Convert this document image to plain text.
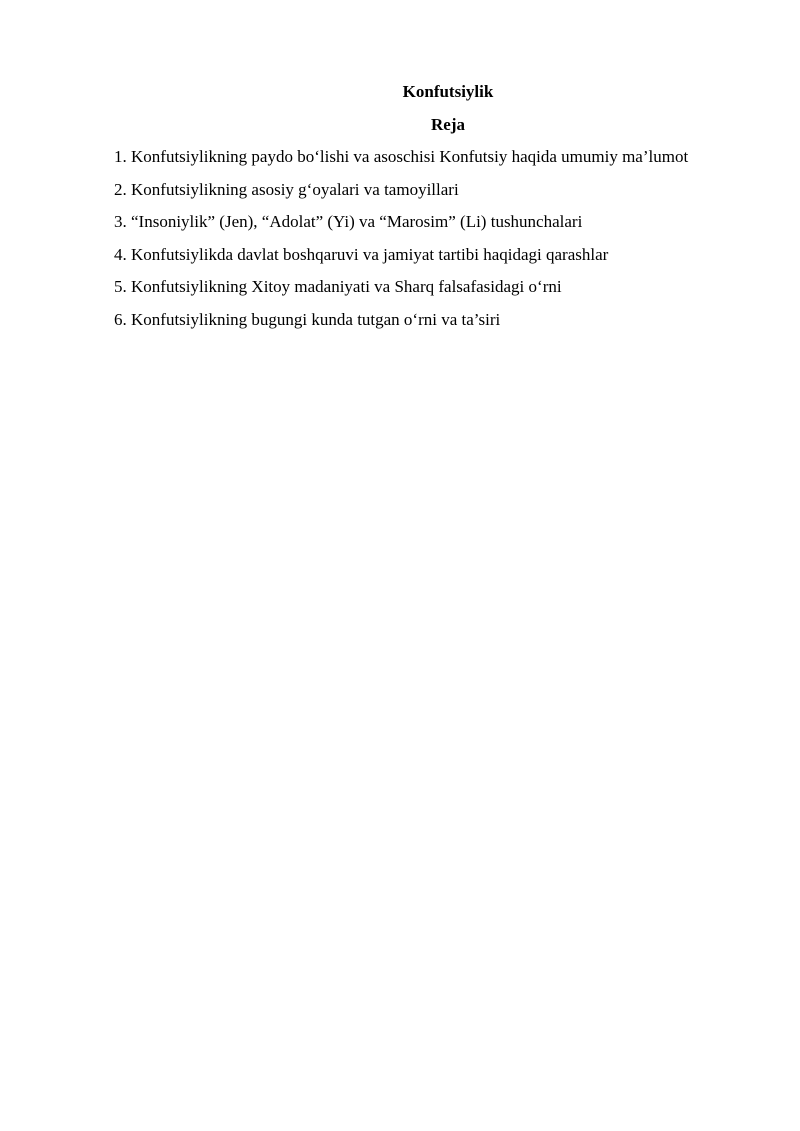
Konfutsiylik

Reja

1. Konfutsiylikning paydo bo‘lishi va asoschisi Konfutsiy haqida umumiy ma’lumot
2. Konfutsiylikning asosiy g‘oyalari va tamoyillari
3. “Insoniylik” (Jen), “Adolat” (Yi) va “Marosim” (Li) tushunchalari
4. Konfutsiylikda davlat boshqaruvi va jamiyat tartibi haqidagi qarashlar
5. Konfutsiylikning Xitoy madaniyati va Sharq falsafasidagi o‘rni
6. Konfutsiylikning bugungi kunda tutgan o‘rni va ta’siri
